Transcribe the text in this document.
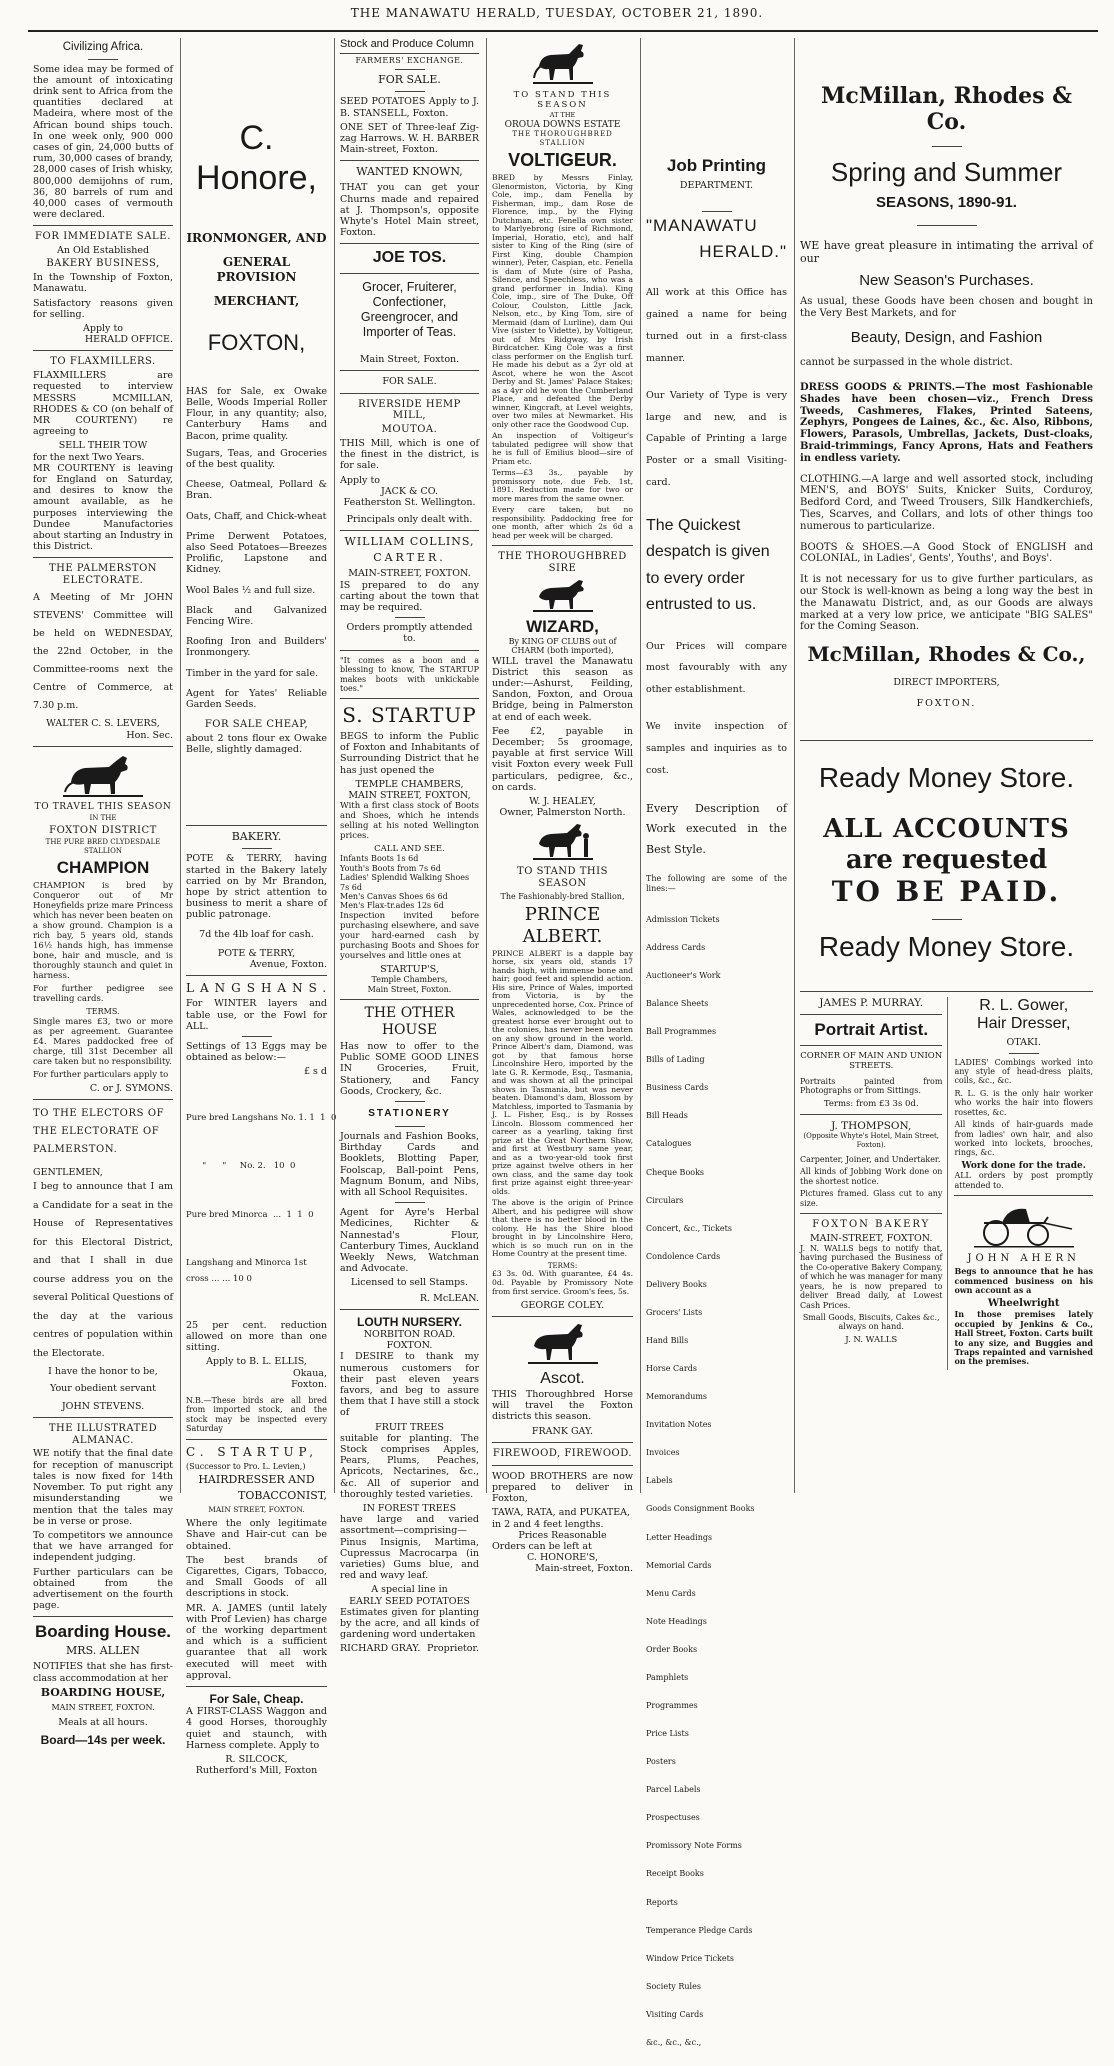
THE MANAWATU HERALD, TUESDAY, OCTOBER 21, 1890.
Civilizing Africa.

Some idea may be formed of the amount of intoxicating drink sent to Africa from the quantities declared at Madeira, where most of the African bound ships touch. In one week only, 900 000 cases of gin, 24,000 butts of rum, 30,000 cases of brandy, 28,000 cases of Irish whisky, 800,000 demijohns of rum, 36, 80 barrels of rum and 40,000 cases of vermouth were declared.

FOR IMMEDIATE SALE.
An Old Established
BAKERY BUSINESS,

In the Township of Foxton, Manawatu.

Satisfactory reasons given for selling.

Apply to
HERALD OFFICE.
TO FLAXMILLERS.

FLAXMILLERS are requested to interview MESSRS MCMILLAN, RHODES & CO (on behalf of MR COURTENY) re agreeing to

SELL THEIR TOW
for the next Two Years.

MR COURTENY is leaving for England on Saturday, and desires to know the amount available, as he purposes interviewing the Dundee Manufactories about starting an Industry in this District.

THE PALMERSTON ELECTORATE.

A Meeting of Mr JOHN STEVENS' Committee will be held on WEDNESDAY, the 22nd October, in the Committee-rooms next the Centre of Commerce, at 7.30 p.m.

WALTER C. S. LEVERS,
Hon. Sec.
TO TRAVEL THIS SEASON
IN THE
FOXTON DISTRICT
THE PURE BRED CLYDESDALE STALLION
CHAMPION

CHAMPION is bred by Conqueror out of Mr Honeyfields prize mare Princess which has never been beaten on a show ground. Champion is a rich bay, 5 years old, stands 16½ hands high, has immense bone, hair and muscle, and is thoroughly staunch and quiet in harness.

For further pedigree see travelling cards.

TERMS.

Single mares £3, two or more as per agreement. Guarantee £4. Mares paddocked free of charge, till 31st December all care taken but no responsibility.

For further particulars apply to

C. or J. SYMONS.
TO THE ELECTORS OF THE ELECTORATE OF PALMERSTON.
GENTLEMEN,

I beg to announce that I am a Candidate for a seat in the House of Representatives for this Electoral District, and that I shall in due course address you on the several Political Questions of the day at the various centres of population within the Electorate.

I have the honor to be,
Your obedient servant
JOHN STEVENS.
THE ILLUSTRATED ALMANAC.

WE notify that the final date for reception of manuscript tales is now fixed for 14th November. To put right any misunderstanding we mention that the tales may be in verse or prose.

To competitors we announce that we have arranged for independent judging.

Further particulars can be obtained from the advertisement on the fourth page.

Boarding House.
MRS. ALLEN

NOTIFIES that she has first-class accommodation at her

BOARDING HOUSE,
MAIN STREET, FOXTON.
Meals at all hours.
Board—14s per week.
C. Honore,
IRONMONGER, AND
GENERAL PROVISION
MERCHANT,
FOXTON,

HAS for Sale, ex Owake Belle, Woods Imperial Roller Flour, in any quantity; also, Canterbury Hams and Bacon, prime quality.

Sugars, Teas, and Groceries of the best quality.

Cheese, Oatmeal, Pollard & Bran.

Oats, Chaff, and Chick-wheat

Prime Derwent Potatoes, also Seed Potatoes—Breezes Prolific, Lapstone and Kidney.

Wool Bales ½ and full size.

Black and Galvanized Fencing Wire.

Roofing Iron and Builders' Ironmongery.

Timber in the yard for sale.

Agent for Yates' Reliable Garden Seeds.

FOR SALE CHEAP,

about 2 tons flour ex Owake Belle, slightly damaged.

BAKERY.

POTE & TERRY, having started in the Bakery lately carried on by Mr Brandon, hope by strict attention to business to merit a share of public patronage.

7d the 4lb loaf for cash.
POTE & TERRY,
Avenue, Foxton.
LANGSHANS.

For WINTER layers and table use, or the Fowl for ALL.

Settings of 13 Eggs may be obtained as below:—

£ s d

Pure bred Langshans No. 1. 1  1  0

"      "     No. 2.   10  0

Pure bred Minorca  ...  1  1  0

Langshang and Minorca 1st cross ... ... 10 0

25 per cent. reduction allowed on more than one sitting.

Apply to B. L. ELLIS,
Okaua,
Foxton.

N.B.—These birds are all bred from imported stock, and the stock may be inspected every Saturday

C. STARTUP,
(Successor to Pro. L. Levien,)
HAIRDRESSER AND
TOBACCONIST,
MAIN STREET, FOXTON.

Where the only legitimate Shave and Hair-cut can be obtained.

The best brands of Cigarettes, Cigars, Tobacco, and Small Goods of all descriptions in stock.

MR. A. JAMES (until lately with Prof Levien) has charge of the working department and which is a sufficient guarantee that all work executed will meet with approval.

For Sale, Cheap.

A FIRST-CLASS Waggon and 4 good Horses, thoroughly quiet and staunch, with Harness complete. Apply to

R. SILCOCK,
Rutherford's Mill, Foxton
Stock and Produce Column
FARMERS' EXCHANGE.
FOR SALE.

SEED POTATOES Apply to J. B. STANSELL, Foxton.

ONE SET of Three-leaf Zig-zag Harrows. W. H. BARBER Main-street, Foxton.

WANTED KNOWN,

THAT you can get your Churns made and repaired at J. Thompson's, opposite Whyte's Hotel Main street, Foxton.

JOE TOS.
Grocer, Fruiterer, Confectioner, Greengrocer, and Importer of Teas.
Main Street, Foxton.
FOR SALE.
RIVERSIDE HEMP MILL,
MOUTOA.

THIS Mill, which is one of the finest in the district, is for sale.

Apply to
JACK & CO.
Featherston St. Wellington.
Principals only dealt with.
WILLIAM COLLINS,
CARTER.
MAIN-STREET, FOXTON.

IS prepared to do any carting about the town that may be required.

Orders promptly attended to.

"It comes as a boon and a blessing to know, The STARTUP makes boots with unkickable toes."

S. STARTUP

BEGS to inform the Public of Foxton and Inhabitants of Surrounding District that he has just opened the

TEMPLE CHAMBERS,
MAIN STREET, FOXTON,

With a first class stock of Boots and Shoes, which he intends selling at his noted Wellington prices.

CALL AND SEE.
Infants Boots 1s 6d
Youth's Boots from 7s 6d
Ladies' Splendid Walking Shoes 7s 6d
Men's Canvas Shoes 6s 6d
Men's Flax-tr.ades 12s 6d

Inspection invited before purchasing elsewhere, and save your hard-earned cash by purchasing Boots and Shoes for yourselves and little ones at

STARTUP'S,
Temple Chambers,
Main Street, Foxton.
THE OTHER HOUSE

Has now to offer to the Public SOME GOOD LINES IN Groceries, Fruit, Stationery, and Fancy Goods, Crockery, &c.

STATIONERY

Journals and Fashion Books, Birthday Cards and Booklets, Blotting Paper, Foolscap, Ball-point Pens, Magnum Bonum, and Nibs, with all School Requisites.

Agent for Ayre's Herbal Medicines, Richter & Nannestad's Flour, Canterbury Times, Auckland Weekly News, Watchman and Advocate.

Licensed to sell Stamps.
R. McLEAN.
LOUTH NURSERY.
NORBITON ROAD.
FOXTON.

I DESIRE to thank my numerous customers for their past eleven years favors, and beg to assure them that I have still a stock of

FRUIT TREES

suitable for planting. The Stock comprises Apples, Pears, Plums, Peaches, Apricots, Nectarines, &c., &c. All of superior and thoroughly tested varieties.

IN FOREST TREES

have large and varied assortment—comprising—Pinus Insignis, Martima, Cupressus Macrocarpa (in varieties) Gums blue, and red and wavy leaf.

A special line in
EARLY SEED POTATOES

Estimates given for planting by the acre, and all kinds of gardening word undertaken

RICHARD GRAY. Proprietor.
TO STAND THIS SEASON
AT THE
OROUA DOWNS ESTATE
THE THOROUGHBRED STALLION
VOLTIGEUR.

BRED by Messrs Finlay, Glenormiston, Victoria, by King Cole, imp., dam Fenella by Fisherman, imp., dam Rose de Florence, imp., by the Flying Dutchman, etc. Fenella own sister to Marlyebrong (sire of Richmond, Imperial, Horatio, etc), and half sister to King of the Ring (sire of First King, double Champion winner), Peter, Caspian, etc. Fenella is dam of Mute (sire of Pasha, Silence, and Speechless, who was a grand performer in India). King Cole, imp., sire of The Duke, Off Colour, Coulston, Little Jack, Nelson, etc., by King Tom, sire of Mermaid (dam of Lurline), dam Qui Vive (sister to Vidette), by Voltigeur, out of Mrs Ridgway, by Irish Birdcatcher. King Cole was a first class performer on the English turf. He made his debut as a 2yr old at Ascot, where he won the Ascot Derby and St. James' Palace Stakes; as a 4yr old he won the Cumberland Place, and defeated the Derby winner, Kingcraft, at Level weights, over two miles at Newmarket. His only other race the Goodwood Cup.

An inspection of Voltigeur's tabulated pedigree will show that he is full of Emilius blood—sire of Priam etc.

Terms—£3 3s., payable by promissory note, due Feb. 1st, 1891. Reduction made for two or more mares from the same owner.

Every care taken, but no responsibility. Paddocking free for one month, after which 2s 6d a head per week will be charged.

THE THOROUGHBRED SIRE
WIZARD,
By KING OF CLUBS out of CHARM (both imported),

WILL travel the Manawatu District this season as under:—Ashurst, Feilding, Sandon, Foxton, and Oroua Bridge, being in Palmerston at end of each week.

Fee £2, payable in December; 5s groomage, payable at first service Will visit Foxton every week Full particulars, pedigree, &c., on cards.

W. J. HEALEY,
Owner, Palmerston North.
TO STAND THIS SEASON
The Fashionably-bred Stallion,
PRINCE ALBERT.

PRINCE ALBERT is a dapple bay horse, six years old, stands 17 hands high, with immense bone and hair; good feet and splendid action. His sire, Prince of Wales, imported from Victoria, is by the unprecedented horse, Cox. Prince of Wales, acknowledged to be the greatest horse ever brought out to the colonies, has never been beaten on any show ground in the world. Prince Albert's dam, Diamond, was got by that famous horse Lincolnshire Hero, imported by the late G. R. Kermode, Esq., Tasmania, and was shown at all the principal shows in Tasmania, but was never beaten. Diamond's dam, Blossom by Matchless, imported to Tasmania by J. L. Fisher, Esq., is by Rosses Lincoln. Blossom commenced her career as a yearling, taking first prize at the Great Northern Show, and first at Westbury same year, and as a two-year-old took first prize against twelve others in her own class, and the same day took first prize against eight three-year-olds.

The above is the origin of Prince Albert, and his pedigree will show that there is no better blood in the colony. He has the Shire blood brought in by Lincolnshire Hero, which is so much run on in the Home Country at the present time.

TERMS:

£3 3s. 0d. With guarantee, £4 4s. 0d. Payable by Promissory Note from first service. Groom's fees, 5s.

GEORGE COLEY.
Ascot.

THIS Thoroughbred Horse will travel the Foxton districts this season.

FRANK GAY.
FIREWOOD, FIREWOOD.

WOOD BROTHERS are now prepared to deliver in Foxton,

TAWA, RATA, and PUKATEA,
in 2 and 4 feet lengths.
Prices Reasonable
Orders can be left at
C. HONORE'S,
Main-street, Foxton.
Job Printing
DEPARTMENT.
"MANAWATU
HERALD."

All work at this Office has gained a name for being turned out in a first-class manner.

Our Variety of Type is very large and new, and is Capable of Printing a large Poster or a small Visiting-card.

The Quickest despatch is given to every order entrusted to us.

Our Prices will compare most favourably with any other establishment.

We invite inspection of samples and inquiries as to cost.

Every Description of Work executed in the Best Style.

The following are some of the lines:—

Admission Tickets

Address Cards

Auctioneer's Work

Balance Sheets

Ball Programmes

Bills of Lading

Business Cards

Bill Heads

Catalogues

Cheque Books

Circulars

Concert, &c., Tickets

Condolence Cards

Delivery Books

Grocers' Lists

Hand Bills

Horse Cards

Memorandums

Invitation Notes

Invoices

Labels

Goods Consignment Books

Letter Headings

Memorial Cards

Menu Cards

Note Headings

Order Books

Pamphlets

Programmes

Price Lists

Posters

Parcel Labels

Prospectuses

Promissory Note Forms

Receipt Books

Reports

Temperance Pledge Cards

Window Price Tickets

Society Rules

Visiting Cards

&c., &c., &c.,

McMillan, Rhodes & Co.
Spring and Summer
SEASONS, 1890-91.

WE have great pleasure in intimating the arrival of our

New Season's Purchases.

As usual, these Goods have been chosen and bought in the Very Best Markets, and for

Beauty, Design, and Fashion

cannot be surpassed in the whole district.

DRESS GOODS & PRINTS.—The most Fashionable Shades have been chosen—viz., French Dress Tweeds, Cashmeres, Flakes, Printed Sateens, Zephyrs, Pongees de Laines, &c., &c. Also, Ribbons, Flowers, Parasols, Umbrellas, Jackets, Dust-cloaks, Braid-trimmings, Fancy Aprons, Hats and Feathers in endless variety.

CLOTHING.—A large and well assorted stock, including MEN'S, and BOYS' Suits, Knicker Suits, Corduroy, Bedford Cord, and Tweed Trousers, Silk Handkerchiefs, Ties, Scarves, and Collars, and lots of other things too numerous to particularize.

BOOTS & SHOES.—A Good Stock of ENGLISH and COLONIAL, in Ladies', Gents', Youths', and Boys'.

It is not necessary for us to give further particulars, as our Stock is well-known as being a long way the best in the Manawatu District, and, as our Goods are always marked at a very low price, we anticipate "BIG SALES" for the Coming Season.

McMillan, Rhodes & Co.,
DIRECT IMPORTERS,
FOXTON.
Ready Money Store.
ALL ACCOUNTS
are requested
TO BE PAID.
Ready Money Store.
JAMES P. MURRAY.
Portrait Artist.
CORNER OF MAIN AND UNION STREETS.

Portraits painted from Photographs or from Sittings.

Terms: from £3 3s 0d.
J. THOMPSON,
(Opposite Whyte's Hotel, Main Street, Foxton).

Carpenter, Joiner, and Undertaker.

All kinds of Jobbing Work done on the shortest notice.

Pictures framed. Glass cut to any size.

FOXTON BAKERY
MAIN-STREET, FOXTON.

J. N. WALLS begs to notify that, having purchased the Business of the Co-operative Bakery Company, of which he was manager for many years, he is now prepared to deliver Bread daily, at Lowest Cash Prices.

Small Goods, Biscuits, Cakes &c., always on hand.

J. N. WALLS
R. L. Gower,
Hair Dresser,
OTAKI.

LADIES' Combings worked into any style of head-dress plaits, coils, &c., &c.

R. L. G. is the only hair worker who works the hair into flowers rosettes, &c.

All kinds of hair-guards made from ladies' own hair, and also worked into lockets, brooches, rings, &c.

Work done for the trade.

ALL orders by post promptly attended to.

JOHN AHERN

Begs to announce that he has commenced business on his own account as a

Wheelwright

In those premises lately occupied by Jenkins & Co., Hall Street, Foxton. Carts built to any size, and Buggies and Traps repainted and varnished on the premises.
